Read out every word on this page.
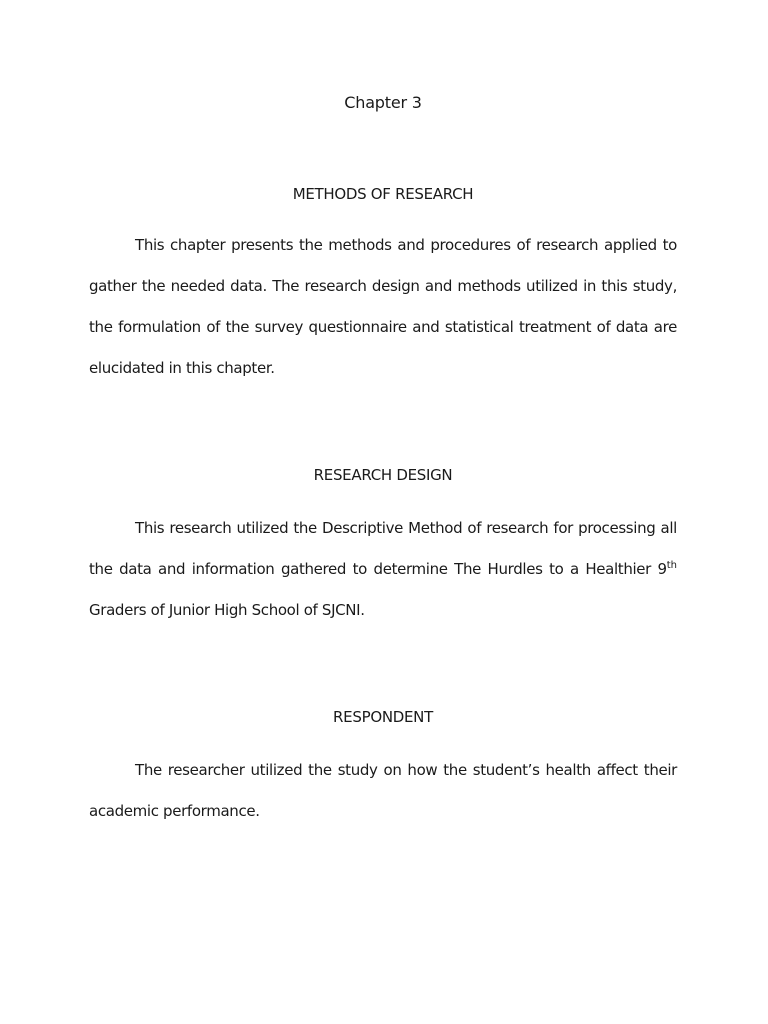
Chapter 3
METHODS OF RESEARCH
This chapter presents the methods and procedures of research applied to
gather the needed data. The research design and methods utilized in this study,
the formulation of the survey questionnaire and statistical treatment of data are
elucidated in this chapter.
RESEARCH DESIGN
This research utilized the Descriptive Method of research for processing all
the data and information gathered to determine The Hurdles to a Healthier 9th
Graders of Junior High School of SJCNI.
RESPONDENT
The researcher utilized the study on how the student’s health affect their
academic performance.
